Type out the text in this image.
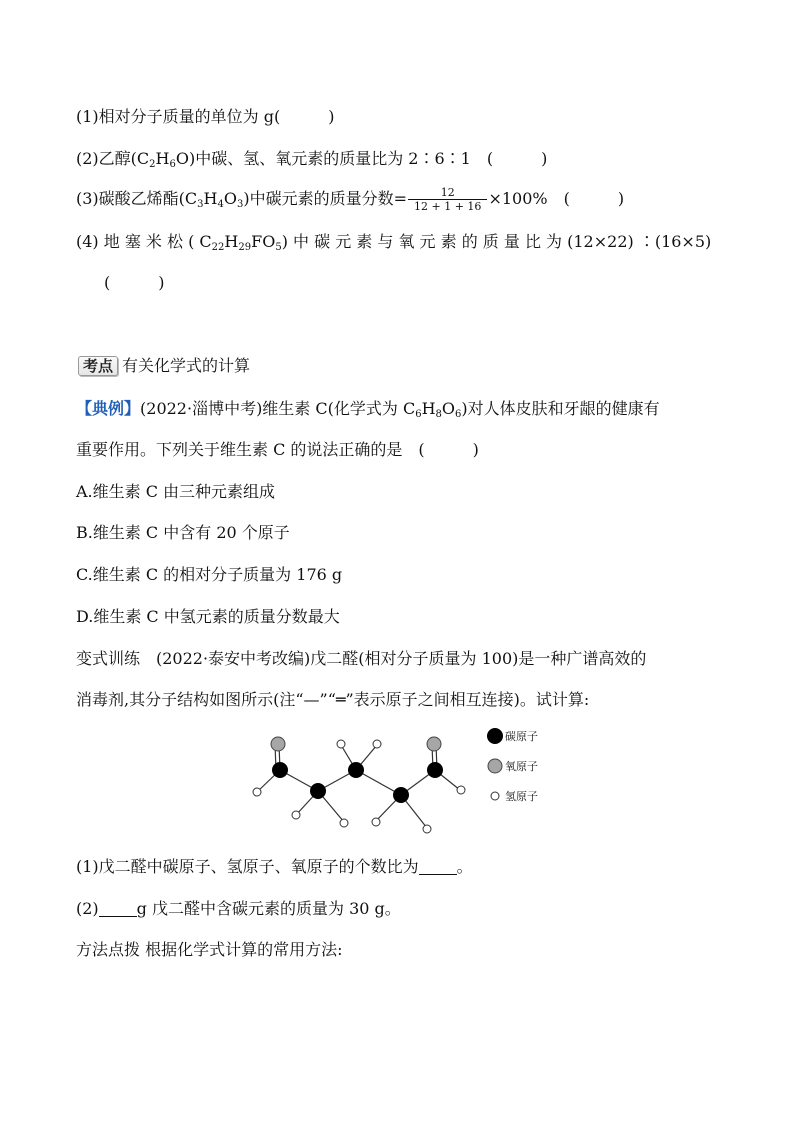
(1)相对分子质量的单位为 g(　　　)
(2)乙醇$(C_2H_6O)$中碳、氢、氧元素的质量比为 2∶6∶1　(　　　)
(3)碳酸乙烯酯$(C_3H_4O_3)$中碳元素的质量分数= $\frac{12}{12 + 1 + 16} \times 100\%$　(　　　)
(4) 地 塞 米 松 ( $C_{22}H_{29}FO_5$) 中 碳 元 素 与 氧 元 素 的 质 量 比 为 (12×22) ∶(16×5)
(　　　)
考点 有关化学式的计算
【典例】(2022·淄博中考)维生素 C(化学式为 $C_6H_8O_6$)对人体皮肤和牙龈的健康有
重要作用。下列关于维生素 C 的说法正确的是　(　　　)
A.维生素 C 由三种元素组成
B.维生素 C 中含有 20 个原子
C.维生素 C 的相对分子质量为 176 g
D.维生素 C 中氢元素的质量分数最大
变式训练　(2022·泰安中考改编)戊二醛(相对分子质量为 100)是一种广谱高效的
消毒剂,其分子结构如图所示(注“—”“═”表示原子之间相互连接)。试计算:
碳原子
氧原子
氢原子
(1)戊二醛中碳原子、氢原子、氧原子的个数比为 。
(2) g 戊二醛中含碳元素的质量为 30 g。
方法点拨 根据化学式计算的常用方法:
